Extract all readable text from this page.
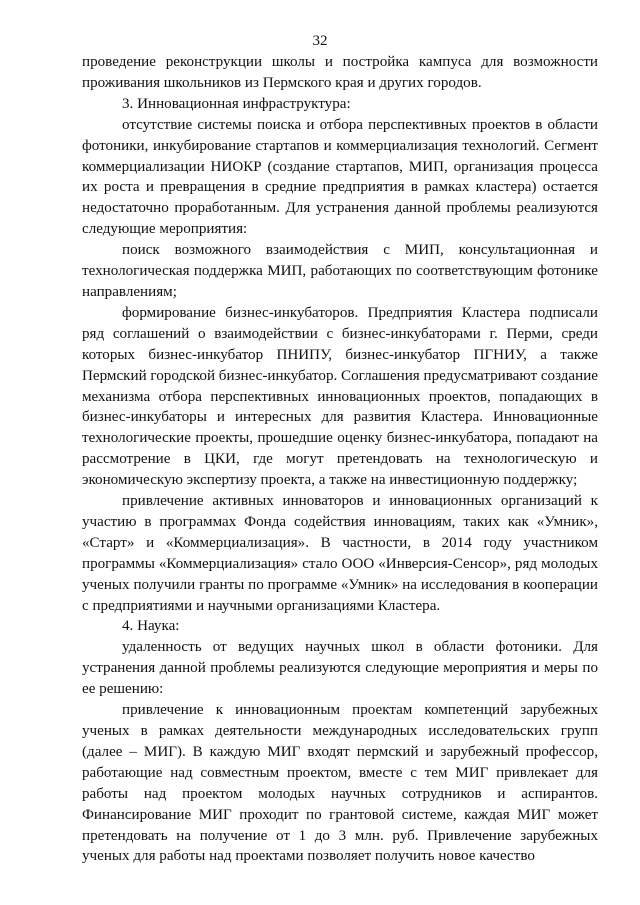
32

проведение реконструкции школы и постройка кампуса для возможности проживания школьников из Пермского края и других городов.

3. Инновационная инфраструктура:

отсутствие системы поиска и отбора перспективных проектов в области фотоники, инкубирование стартапов и коммерциализация технологий. Сегмент коммерциализации НИОКР (создание стартапов, МИП, организация процесса их роста и превращения в средние предприятия в рамках кластера) остается недостаточно проработанным. Для устранения данной проблемы реализуются следующие мероприятия:

поиск возможного взаимодействия с МИП, консультационная и технологическая поддержка МИП, работающих по соответствующим фотонике направлениям;

формирование бизнес-инкубаторов. Предприятия Кластера подписали ряд соглашений о взаимодействии с бизнес-инкубаторами г. Перми, среди которых бизнес-инкубатор ПНИПУ, бизнес-инкубатор ПГНИУ, а также Пермский городской бизнес-инкубатор. Соглашения предусматривают создание механизма отбора перспективных инновационных проектов, попадающих в бизнес-инкубаторы и интересных для развития Кластера. Инновационные технологические проекты, прошедшие оценку бизнес-инкубатора, попадают на рассмотрение в ЦКИ, где могут претендовать на технологическую и экономическую экспертизу проекта, а также на инвестиционную поддержку;

привлечение активных инноваторов и инновационных организаций к участию в программах Фонда содействия инновациям, таких как «Умник», «Старт» и «Коммерциализация». В частности, в 2014 году участником программы «Коммерциализация» стало ООО «Инверсия-Сенсор», ряд молодых ученых получили гранты по программе «Умник» на исследования в кооперации с предприятиями и научными организациями Кластера.

4. Наука:

удаленность от ведущих научных школ в области фотоники. Для устранения данной проблемы реализуются следующие мероприятия и меры по ее решению:

привлечение к инновационным проектам компетенций зарубежных ученых в рамках деятельности международных исследовательских групп (далее – МИГ). В каждую МИГ входят пермский и зарубежный профессор, работающие над совместным проектом, вместе с тем МИГ привлекает для работы над проектом молодых научных сотрудников и аспирантов. Финансирование МИГ проходит по грантовой системе, каждая МИГ может претендовать на получение от 1 до 3 млн. руб. Привлечение зарубежных ученых для работы над проектами позволяет получить новое качество
